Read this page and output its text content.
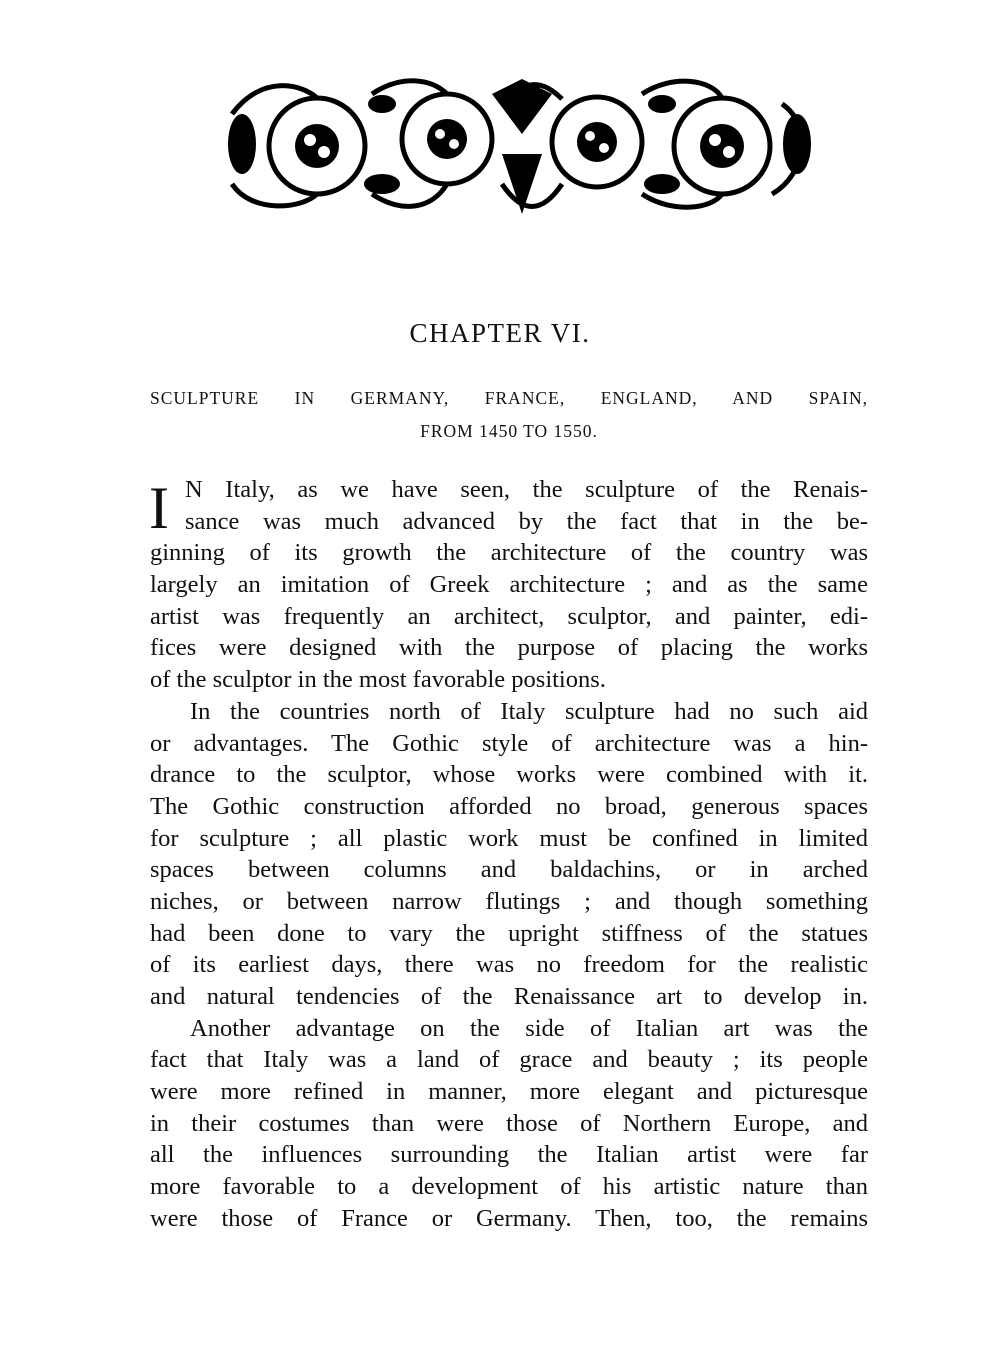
CHAPTER VI.
SCULPTURE IN GERMANY, FRANCE, ENGLAND, AND SPAIN,
FROM 1450 TO 1550.
I N Italy, as we have seen, the sculpture of the Renais-
sance was much advanced by the fact that in the be-
ginning of its growth the architecture of the country was
largely an imitation of Greek architecture ; and as the same
artist was frequently an architect, sculptor, and painter, edi-
fices were designed with the purpose of placing the works
of the sculptor in the most favorable positions.
In the countries north of Italy sculpture had no such aid
or advantages. The Gothic style of architecture was a hin-
drance to the sculptor, whose works were combined with it.
The Gothic construction afforded no broad, generous spaces
for sculpture ; all plastic work must be confined in limited
spaces between columns and baldachins, or in arched
niches, or between narrow flutings ; and though something
had been done to vary the upright stiffness of the statues
of its earliest days, there was no freedom for the realistic
and natural tendencies of the Renaissance art to develop in.
Another advantage on the side of Italian art was the
fact that Italy was a land of grace and beauty ; its people
were more refined in manner, more elegant and picturesque
in their costumes than were those of Northern Europe, and
all the influences surrounding the Italian artist were far
more favorable to a development of his artistic nature than
were those of France or Germany. Then, too, the remains
